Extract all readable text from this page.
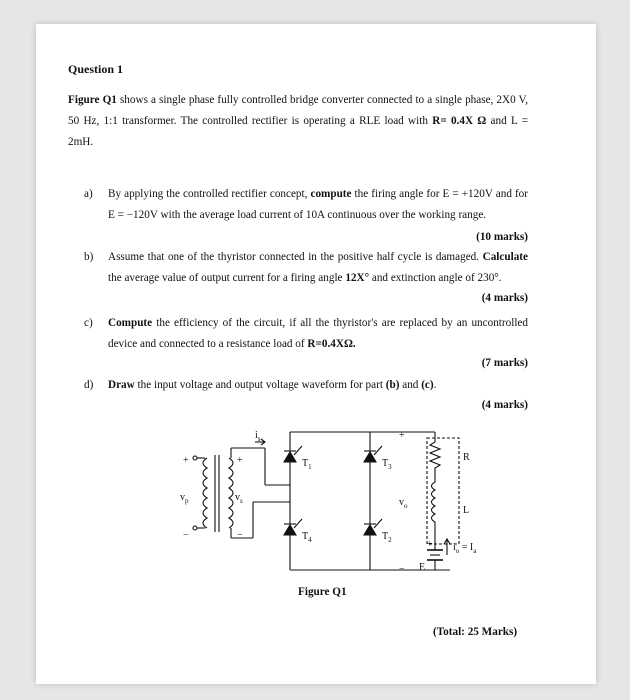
Question 1
Figure Q1 shows a single phase fully controlled bridge converter connected to a single phase, 2X0 V, 50 Hz, 1:1 transformer. The controlled rectifier is operating a RLE load with R= 0.4X Ω and L = 2mH.
a) By applying the controlled rectifier concept, compute the firing angle for E = +120V and for E = −120V with the average load current of 10A continuous over the working range.
(10 marks)
b) Assume that one of the thyristor connected in the positive half cycle is damaged. Calculate the average value of output current for a firing angle 12X° and extinction angle of 230°.
(4 marks)
c) Compute the efficiency of the circuit, if all the thyristor's are replaced by an uncontrolled device and connected to a resistance load of R=0.4XΩ.
(7 marks)
d) Draw the input voltage and output voltage waveform for part (b) and (c).
(4 marks)
$i_s$
$v_p$	$v_s$
+
−
+
−
$T_1$
$T_4$
$T_3$
$T_2$
+
$v_o$
−
R
L
E
+ $i_o = I_a$
Figure Q1
(Total: 25 Marks)
